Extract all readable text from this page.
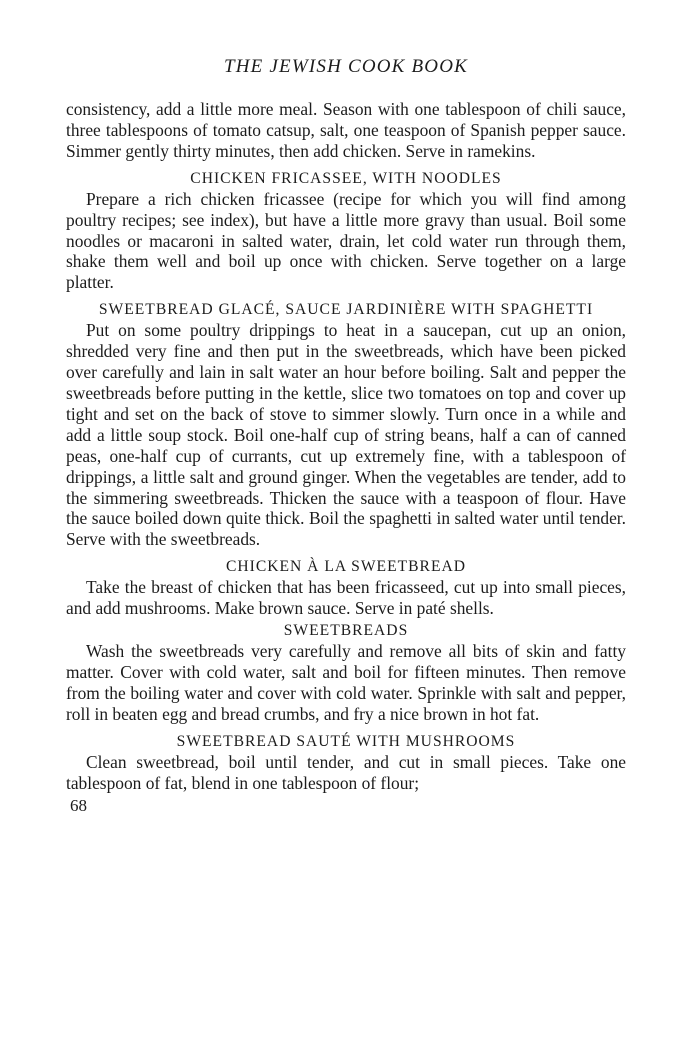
THE JEWISH COOK BOOK

consistency, add a little more meal. Season with one tablespoon of chili sauce, three tablespoons of tomato catsup, salt, one teaspoon of Spanish pepper sauce. Simmer gently thirty minutes, then add chicken. Serve in ramekins.

CHICKEN FRICASSEE, WITH NOODLES

Prepare a rich chicken fricassee (recipe for which you will find among poultry recipes; see index), but have a little more gravy than usual. Boil some noodles or macaroni in salted water, drain, let cold water run through them, shake them well and boil up once with chicken. Serve together on a large platter.

SWEETBREAD GLACÉ, SAUCE JARDINIÈRE WITH SPAGHETTI

Put on some poultry drippings to heat in a saucepan, cut up an onion, shredded very fine and then put in the sweetbreads, which have been picked over carefully and lain in salt water an hour before boiling. Salt and pepper the sweetbreads before putting in the kettle, slice two tomatoes on top and cover up tight and set on the back of stove to simmer slowly. Turn once in a while and add a little soup stock. Boil one-half cup of string beans, half a can of canned peas, one-half cup of currants, cut up extremely fine, with a tablespoon of drippings, a little salt and ground ginger. When the vegetables are tender, add to the simmering sweetbreads. Thicken the sauce with a teaspoon of flour. Have the sauce boiled down quite thick. Boil the spaghetti in salted water until tender. Serve with the sweetbreads.

CHICKEN À LA SWEETBREAD

Take the breast of chicken that has been fricasseed, cut up into small pieces, and add mushrooms. Make brown sauce. Serve in paté shells.

SWEETBREADS

Wash the sweetbreads very carefully and remove all bits of skin and fatty matter. Cover with cold water, salt and boil for fifteen minutes. Then remove from the boiling water and cover with cold water. Sprinkle with salt and pepper, roll in beaten egg and bread crumbs, and fry a nice brown in hot fat.

SWEETBREAD SAUTÉ WITH MUSHROOMS

Clean sweetbread, boil until tender, and cut in small pieces. Take one tablespoon of fat, blend in one tablespoon of flour;

68
